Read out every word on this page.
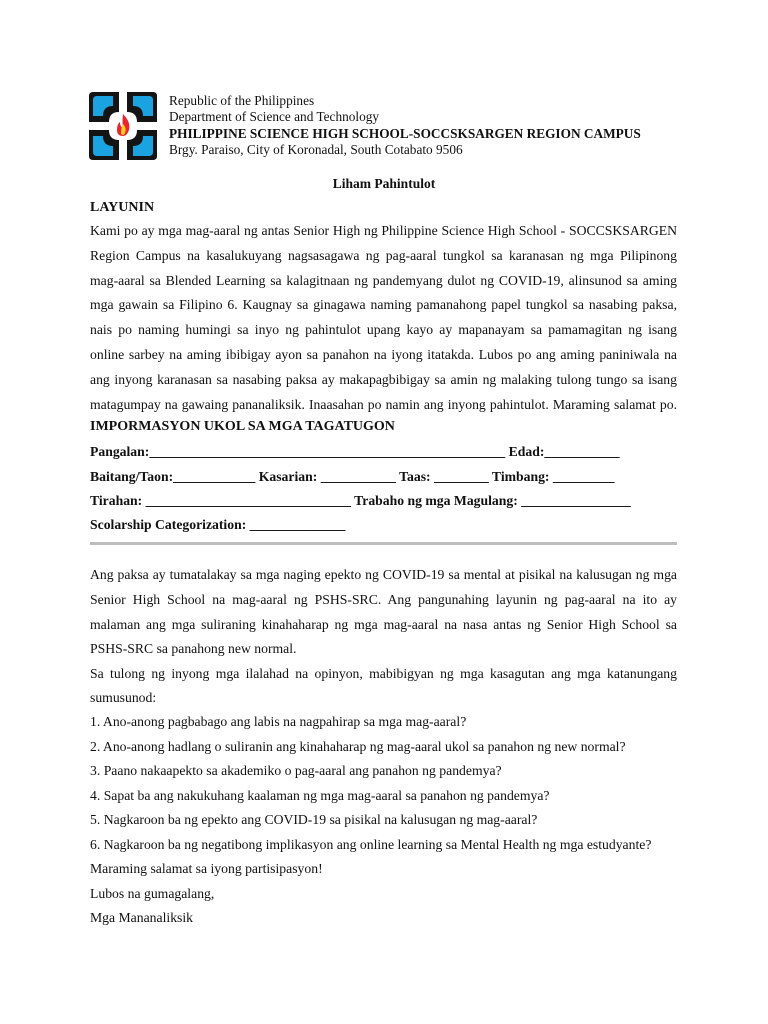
Republic of the Philippines
Department of Science and Technology
PHILIPPINE SCIENCE HIGH SCHOOL-SOCCSKSARGEN REGION CAMPUS
Brgy. Paraiso, City of Koronadal, South Cotabato 9506
Liham Pahintulot
LAYUNIN
Kami po ay mga mag-aaral ng antas Senior High ng Philippine Science High School - SOCCSKSARGEN
Region Campus na kasalukuyang nagsasagawa ng pag-aaral tungkol sa karanasan ng mga Pilipinong
mag-aaral sa Blended Learning sa kalagitnaan ng pandemyang dulot ng COVID-19, alinsunod sa aming
mga gawain sa Filipino 6. Kaugnay sa ginagawa naming pamanahong papel tungkol sa nasabing paksa,
nais po naming humingi sa inyo ng pahintulot upang kayo ay mapanayam sa pamamagitan ng isang
online sarbey na aming ibibigay ayon sa panahon na iyong itatakda. Lubos po ang aming paniniwala na
ang inyong karanasan sa nasabing paksa ay makapagbibigay sa amin ng malaking tulong tungo sa isang
matagumpay na gawaing pananaliksik. Inaasahan po namin ang inyong pahintulot. Maraming salamat po.
IMPORMASYON UKOL SA MGA TAGATUGON
Pangalan:____________________________________________________ Edad:___________
Baitang/Taon:____________ Kasarian: ___________ Taas: ________ Timbang: _________
Tirahan: ______________________________ Trabaho ng mga Magulang: ________________
Scolarship Categorization: ______________
Ang paksa ay tumatalakay sa mga naging epekto ng COVID-19 sa mental at pisikal na kalusugan ng mga
Senior High School na mag-aaral ng PSHS-SRC. Ang pangunahing layunin ng pag-aaral na ito ay
malaman ang mga suliraning kinahaharap ng mga mag-aaral na nasa antas ng Senior High School sa
PSHS-SRC sa panahong new normal.
Sa tulong ng inyong mga ilalahad na opinyon, mabibigyan ng mga kasagutan ang mga katanungang
sumusunod:
1. Ano-anong pagbabago ang labis na nagpahirap sa mga mag-aaral?
2. Ano-anong hadlang o suliranin ang kinahaharap ng mag-aaral ukol sa panahon ng new normal?
3. Paano nakaapekto sa akademiko o pag-aaral ang panahon ng pandemya?
4. Sapat ba ang nakukuhang kaalaman ng mga mag-aaral sa panahon ng pandemya?
5. Nagkaroon ba ng epekto ang COVID-19 sa pisikal na kalusugan ng mag-aaral?
6. Nagkaroon ba ng negatibong implikasyon ang online learning sa Mental Health ng mga estudyante?
Maraming salamat sa iyong partisipasyon!
Lubos na gumagalang,
Mga Mananaliksik
